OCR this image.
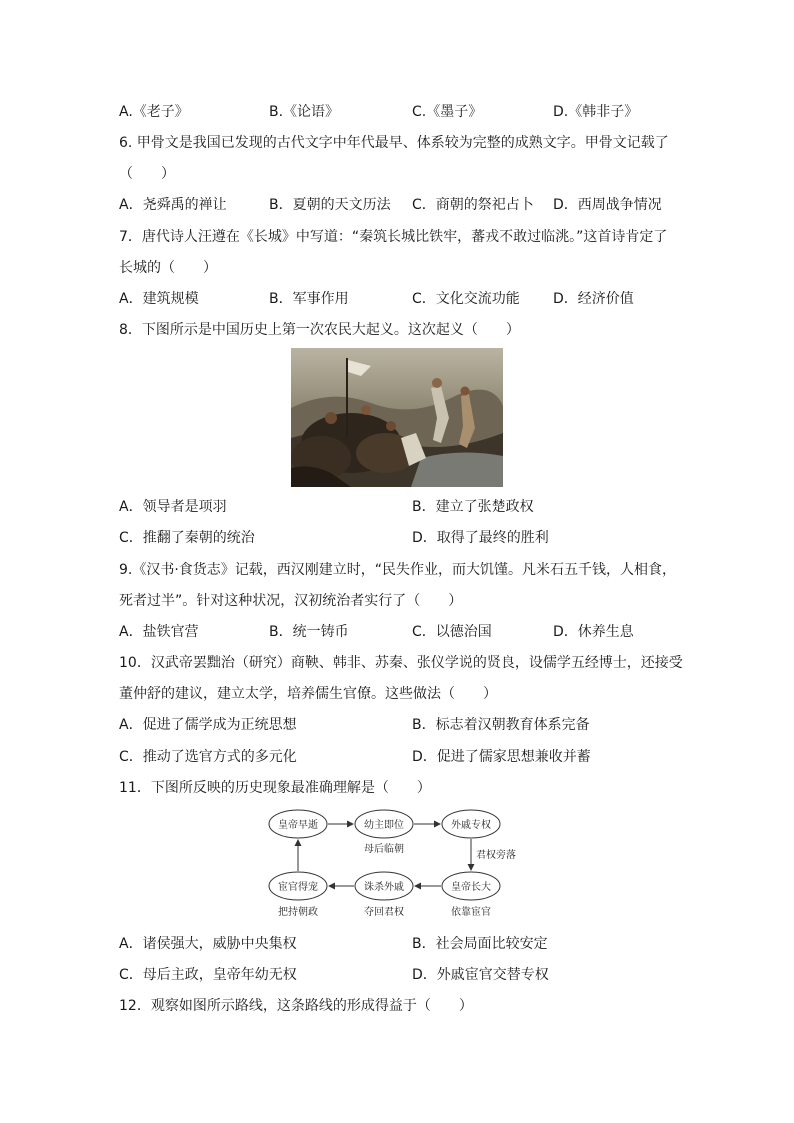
A.《老子》	B.《论语》	C.《墨子》	D.《韩非子》
6. 甲骨文是我国已发现的古代文字中年代最早、体系较为完整的成熟文字。甲骨文记载了
（　　）
A．尧舜禹的禅让	B．夏朝的天文历法 C．商朝的祭祀占卜 D．西周战争情况
7．唐代诗人汪遵在《长城》中写道：“秦筑长城比铁牢，蕃戎不敢过临洮。”这首诗肯定了
长城的（　　）
A．建筑规模	B．军事作用	C．文化交流功能 D．经济价值
8．下图所示是中国历史上第一次农民大起义。这次起义（　　）
A．领导者是项羽	B．建立了张楚政权
C．推翻了秦朝的统治	D．取得了最终的胜利
9.《汉书·食货志》记载，西汉刚建立时，“民失作业，而大饥馑。凡米石五千钱，人相食，
死者过半”。针对这种状况，汉初统治者实行了（　　）
A．盐铁官营	B．统一铸币	C．以德治国	D．休养生息
10．汉武帝罢黜治（研究）商鞅、韩非、苏秦、张仪学说的贤良，设儒学五经博士，还接受
董仲舒的建议，建立太学，培养儒生官僚。这些做法（　　）
A．促进了儒学成为正统思想	B．标志着汉朝教育体系完备
C．推动了选官方式的多元化	D．促进了儒家思想兼收并蓄
11．下图所反映的历史现象最准确理解是（　　）
皇帝早逝	幼主即位	外戚专权
皇帝长大
诛杀外戚
宦官得宠
母后临朝
君权旁落
依靠宦官
夺回君权
把持朝政
A．诸侯强大，威胁中央集权	B．社会局面比较安定
C．母后主政，皇帝年幼无权	D．外戚宦官交替专权
12．观察如图所示路线，这条路线的形成得益于（　　）
